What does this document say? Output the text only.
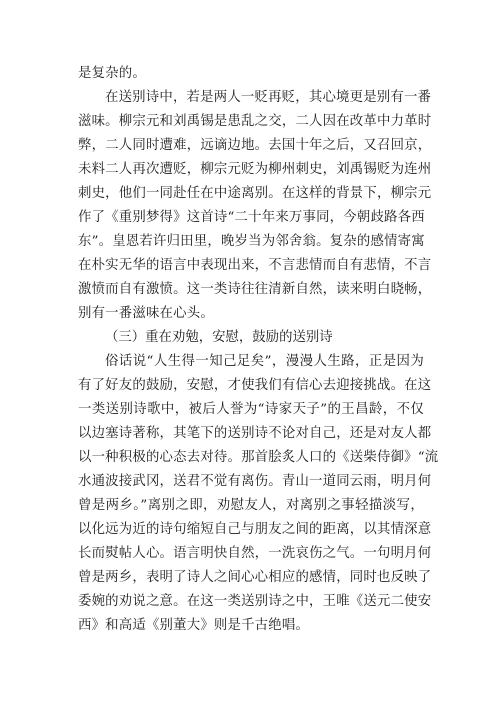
是复杂的。
在送别诗中，若是两人一贬再贬，其心境更是别有一番
滋味。柳宗元和刘禹锡是患乱之交，二人因在改革中力革时
弊，二人同时遭难，远谪边地。去国十年之后，又召回京，
未料二人再次遭贬，柳宗元贬为柳州刺史，刘禹锡贬为连州
刺史，他们一同赴任在中途离别。在这样的背景下，柳宗元
作了《重别梦得》这首诗“二十年来万事同，今朝歧路各西
东”。皇恩若许归田里，晚岁当为邻舍翁。复杂的感情寄寓
在朴实无华的语言中表现出来，不言悲情而自有悲情，不言
激愤而自有激愤。这一类诗往往清新自然，读来明白晓畅，
别有一番滋味在心头。
（三）重在劝勉，安慰，鼓励的送别诗
俗话说“人生得一知己足矣”，漫漫人生路，正是因为
有了好友的鼓励，安慰，才使我们有信心去迎接挑战。在这
一类送别诗歌中，被后人誉为“诗家天子”的王昌龄，不仅
以边塞诗著称，其笔下的送别诗不论对自己，还是对友人都
以一种积极的心态去对待。那首脍炙人口的《送柴侍御》“流
水通波接武冈，送君不觉有离伤。青山一道同云雨，明月何
曾是两乡。”离别之即，劝慰友人，对离别之事轻描淡写，
以化远为近的诗句缩短自己与朋友之间的距离，以其情深意
长而熨帖人心。语言明快自然，一洗哀伤之气。一句明月何
曾是两乡，表明了诗人之间心心相应的感情，同时也反映了
委婉的劝说之意。在这一类送别诗之中，王唯《送元二使安
西》和高适《别董大》则是千古绝唱。
